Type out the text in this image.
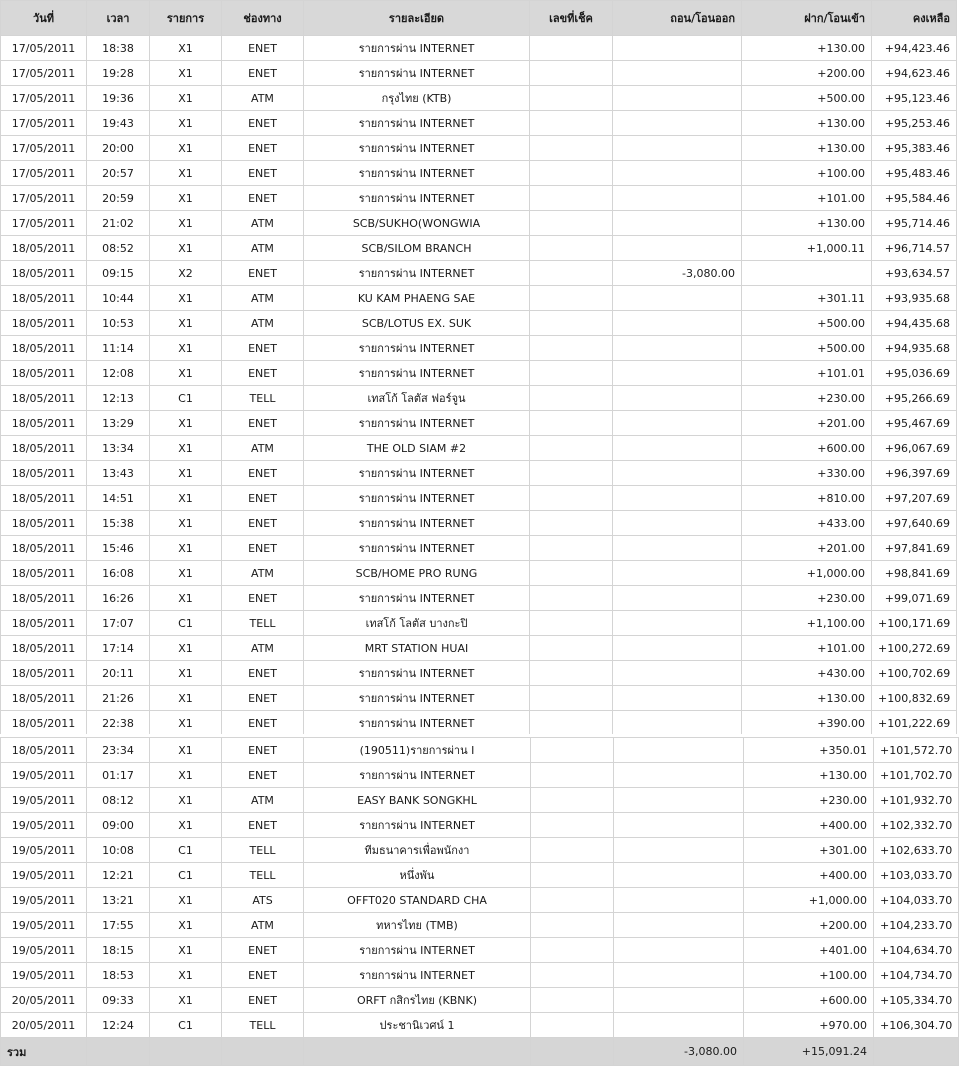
วันที่	เวลา	รายการ	ช่องทาง	รายละเอียด	เลขที่เช็ค	ถอน/โอนออก	ฝาก/โอนเข้า	คงเหลือ
17/05/2011	18:38	X1	ENET	รายการผ่าน INTERNET			+130.00	+94,423.46
17/05/2011	19:28	X1	ENET	รายการผ่าน INTERNET			+200.00	+94,623.46
17/05/2011	19:36	X1	ATM	กรุงไทย (KTB)			+500.00	+95,123.46
17/05/2011	19:43	X1	ENET	รายการผ่าน INTERNET			+130.00	+95,253.46
17/05/2011	20:00	X1	ENET	รายการผ่าน INTERNET			+130.00	+95,383.46
17/05/2011	20:57	X1	ENET	รายการผ่าน INTERNET			+100.00	+95,483.46
17/05/2011	20:59	X1	ENET	รายการผ่าน INTERNET			+101.00	+95,584.46
17/05/2011	21:02	X1	ATM	SCB/SUKHO(WONGWIA			+130.00	+95,714.46
18/05/2011	08:52	X1	ATM	SCB/SILOM BRANCH			+1,000.11	+96,714.57
18/05/2011	09:15	X2	ENET	รายการผ่าน INTERNET		-3,080.00		+93,634.57
18/05/2011	10:44	X1	ATM	KU KAM PHAENG SAE			+301.11	+93,935.68
18/05/2011	10:53	X1	ATM	SCB/LOTUS EX. SUK			+500.00	+94,435.68
18/05/2011	11:14	X1	ENET	รายการผ่าน INTERNET			+500.00	+94,935.68
18/05/2011	12:08	X1	ENET	รายการผ่าน INTERNET			+101.01	+95,036.69
18/05/2011	12:13	C1	TELL	เทสโก้ โลตัส ฟอร์จูน			+230.00	+95,266.69
18/05/2011	13:29	X1	ENET	รายการผ่าน INTERNET			+201.00	+95,467.69
18/05/2011	13:34	X1	ATM	THE OLD SIAM #2			+600.00	+96,067.69
18/05/2011	13:43	X1	ENET	รายการผ่าน INTERNET			+330.00	+96,397.69
18/05/2011	14:51	X1	ENET	รายการผ่าน INTERNET			+810.00	+97,207.69
18/05/2011	15:38	X1	ENET	รายการผ่าน INTERNET			+433.00	+97,640.69
18/05/2011	15:46	X1	ENET	รายการผ่าน INTERNET			+201.00	+97,841.69
18/05/2011	16:08	X1	ATM	SCB/HOME PRO RUNG			+1,000.00	+98,841.69
18/05/2011	16:26	X1	ENET	รายการผ่าน INTERNET			+230.00	+99,071.69
18/05/2011	17:07	C1	TELL	เทสโก้ โลตัส บางกะปิ			+1,100.00	+100,171.69
18/05/2011	17:14	X1	ATM	MRT STATION HUAI			+101.00	+100,272.69
18/05/2011	20:11	X1	ENET	รายการผ่าน INTERNET			+430.00	+100,702.69
18/05/2011	21:26	X1	ENET	รายการผ่าน INTERNET			+130.00	+100,832.69
18/05/2011	22:38	X1	ENET	รายการผ่าน INTERNET			+390.00	+101,222.69
18/05/2011	23:34	X1	ENET	(190511)รายการผ่าน I			+350.01	+101,572.70
19/05/2011	01:17	X1	ENET	รายการผ่าน INTERNET			+130.00	+101,702.70
19/05/2011	08:12	X1	ATM	EASY BANK SONGKHL			+230.00	+101,932.70
19/05/2011	09:00	X1	ENET	รายการผ่าน INTERNET			+400.00	+102,332.70
19/05/2011	10:08	C1	TELL	ทีมธนาคารเพื่อพนักงา			+301.00	+102,633.70
19/05/2011	12:21	C1	TELL	หนึ่งพัน			+400.00	+103,033.70
19/05/2011	13:21	X1	ATS	OFFT020 STANDARD CHA			+1,000.00	+104,033.70
19/05/2011	17:55	X1	ATM	ทหารไทย (TMB)			+200.00	+104,233.70
19/05/2011	18:15	X1	ENET	รายการผ่าน INTERNET			+401.00	+104,634.70
19/05/2011	18:53	X1	ENET	รายการผ่าน INTERNET			+100.00	+104,734.70
20/05/2011	09:33	X1	ENET	ORFT กสิกรไทย (KBNK)			+600.00	+105,334.70
20/05/2011	12:24	C1	TELL	ประชานิเวศน์ 1			+970.00	+106,304.70
รวม						-3,080.00	+15,091.24	
